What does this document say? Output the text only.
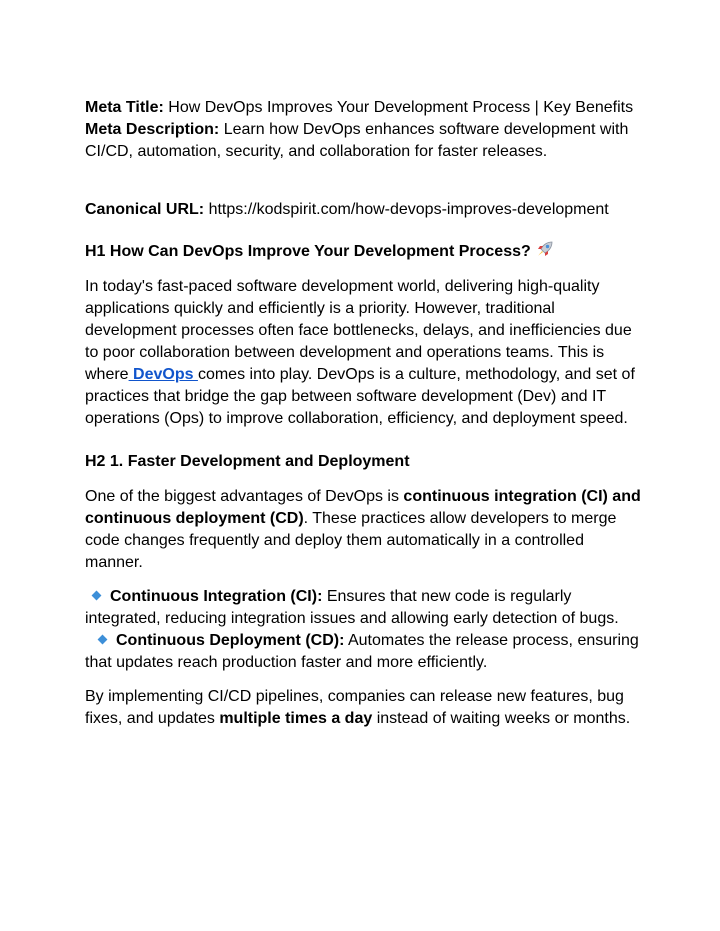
Meta Title: How DevOps Improves Your Development Process | Key Benefits

Meta Description: Learn how DevOps enhances software development with CI/CD, automation, security, and collaboration for faster releases.

Canonical URL: https://kodspirit.com/how-devops-improves-development

H1 How Can DevOps Improve Your Development Process?

In today's fast-paced software development world, delivering high-quality applications quickly and efficiently is a priority. However, traditional development processes often face bottlenecks, delays, and inefficiencies due to poor collaboration between development and operations teams. This is where DevOps comes into play. DevOps is a culture, methodology, and set of practices that bridge the gap between software development (Dev) and IT operations (Ops) to improve collaboration, efficiency, and deployment speed.

H2 1. Faster Development and Deployment

One of the biggest advantages of DevOps is continuous integration (CI) and continuous deployment (CD). These practices allow developers to merge code changes frequently and deploy them automatically in a controlled manner.

Continuous Integration (CI): Ensures that new code is regularly integrated, reducing integration issues and allowing early detection of bugs.

Continuous Deployment (CD): Automates the release process, ensuring that updates reach production faster and more efficiently.

By implementing CI/CD pipelines, companies can release new features, bug fixes, and updates multiple times a day instead of waiting weeks or months.
